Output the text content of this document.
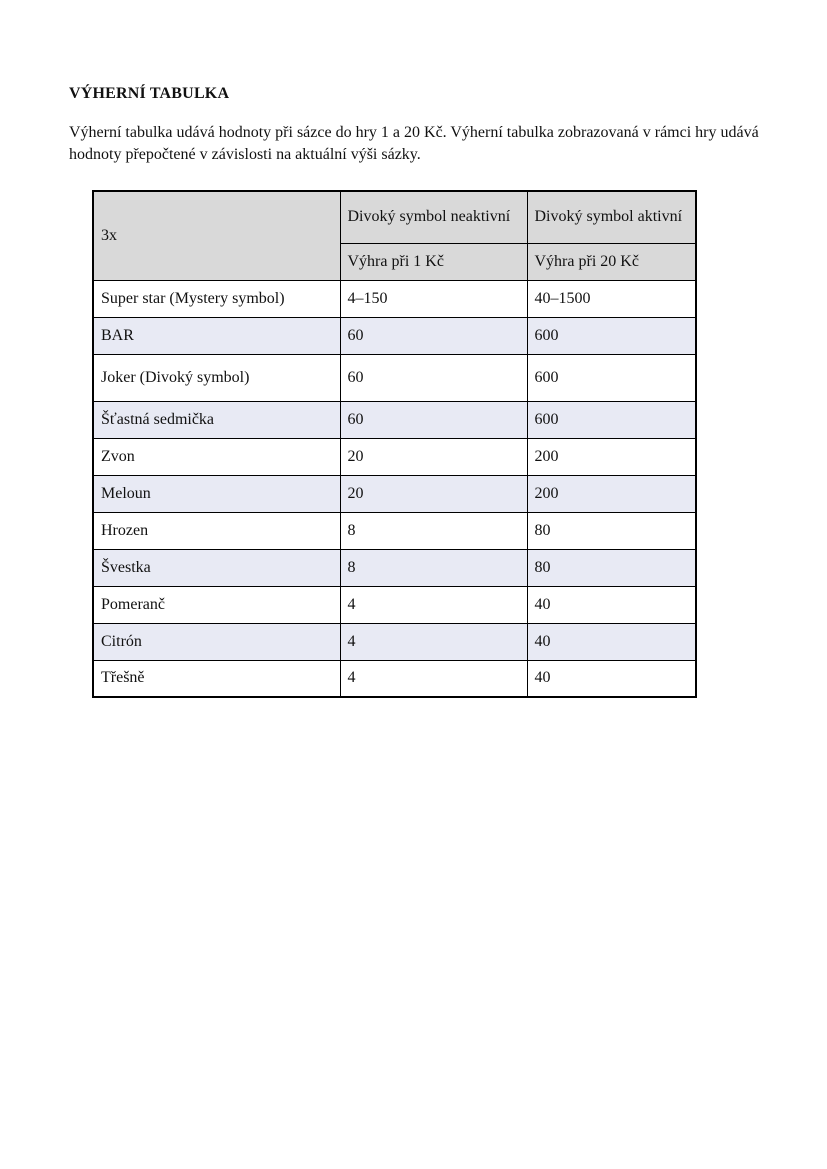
VÝHERNÍ TABULKA

Výherní tabulka udává hodnoty při sázce do hry 1 a 20 Kč. Výherní tabulka zobrazovaná v rámci hry udává hodnoty přepočtené v závislosti na aktuální výši sázky.

3x	Divoký symbol neaktivní	Divoký symbol aktivní
	Výhra při 1 Kč	Výhra při 20 Kč
Super star (Mystery symbol)	4–150	40–1500
BAR	60	600
Joker (Divoký symbol)	60	600
Šťastná sedmička	60	600
Zvon	20	200
Meloun	20	200
Hrozen	8	80
Švestka	8	80
Pomeranč	4	40
Citrón	4	40
Třešně	4	40
